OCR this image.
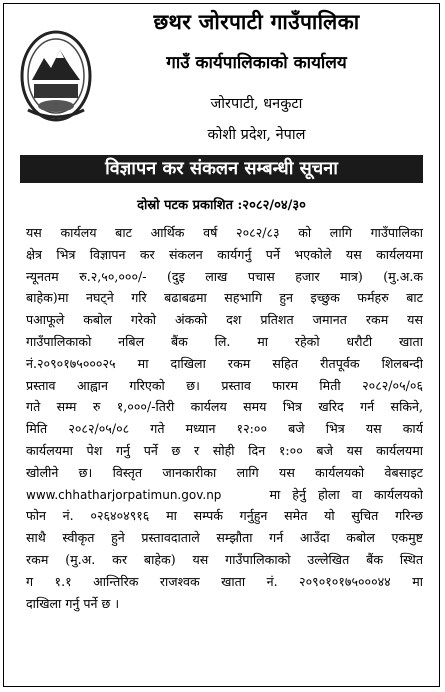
छथर जोरपाटी गाउँपालिका
गाउँ कार्यपालिकाको कार्यालय
जोरपाटी, धनकुटा
कोशी प्रदेश, नेपाल
विज्ञापन कर संकलन सम्बन्धी सूचना
दोस्रो पटक प्रकाशित :२०८२/०४/३०
यस कार्यलय बाट आर्थिक वर्ष २०८२/८३ को लागि गाउँपालिका
क्षेत्र भित्र विज्ञापन कर संकलन कार्यगर्नु पर्ने भएकोले यस कार्यलयमा
न्यूनतम रु.२,५०,०००/- (दुइ लाख पचास हजार मात्र) (मु.अ.क
बाहेक)मा नघट्ने गरि बढाबढमा सहभागि हुन इच्छुक फर्महरु बाट
पआफूले कबोल गरेको अंकको दश प्रतिशत जमानत रकम यस
गाउँपालिकाको नबिल बैंक लि. मा रहेको धरौटी खाता
नं.२०९०१७५०००२५ मा दाखिला रकम सहित रीतपूर्वक शिलबन्दी
प्रस्ताव आह्वान गरिएको छ। प्रस्ताव फारम मिती २०८२/०५/०६
गते सम्म रु १,०००/-तिरी कार्यलय समय भित्र खरिद गर्न सकिने,
मिति २०८२/०५/०८ गते मध्यान १२:०० बजे भित्र यस कार्य
कार्यलयमा पेश गर्नु पर्ने छ र सोही दिन १:०० बजे यस कार्यलयमा
खोलीने छ। विस्तृत जानकारीका लागि यस कार्यलयको वेबसाइट
www.chhatharjorpatimun.gov.np	मा हेर्नु होला वा कार्यलयको
फोन नं. ०२६४०४९१६ मा सम्पर्क गर्नुहुन समेत यो सुचित गरिन्छ
साथै स्वीकृत हुने प्रस्तावदाताले सम्झौता गर्न आउँदा कबोल एकमुष्ट
रकम (मु.अ. कर बाहेक) यस गाउँपालिकाको उल्लेखित बैंक स्थित
ग १.१ आन्तिरिक राजश्वक खाता नं. २०९०१०१७५०००४४ मा
दाखिला गर्नु पर्ने छ ।
